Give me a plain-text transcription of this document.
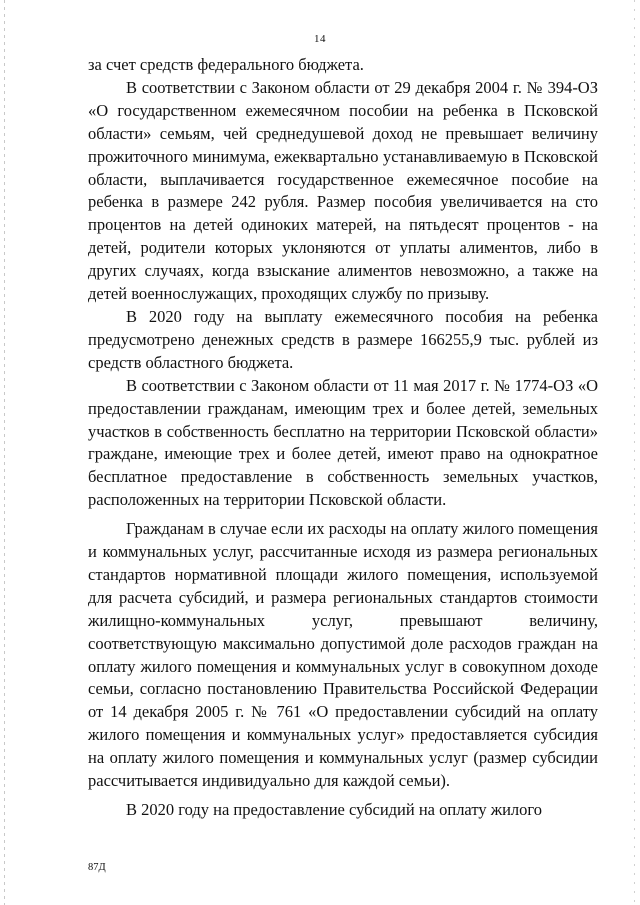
14

за счет средств федерального бюджета.

В соответствии с Законом области от 29 декабря 2004 г. № 394-ОЗ «О государственном ежемесячном пособии на ребенка в Псковской области» семьям, чей среднедушевой доход не превышает величину прожиточного минимума, ежеквартально устанавливаемую в Псковской области, выплачивается государственное ежемесячное пособие на ребенка в размере 242 рубля. Размер пособия увеличивается на сто процентов на детей одиноких матерей, на пятьдесят процентов - на детей, родители которых уклоняются от уплаты алиментов, либо в других случаях, когда взыскание алиментов невозможно, а также на детей военнослужащих, проходящих службу по призыву.

В 2020 году на выплату ежемесячного пособия на ребенка предусмотрено денежных средств в размере 166255,9 тыс. рублей из средств областного бюджета.

В соответствии с Законом области от 11 мая 2017 г. № 1774-ОЗ «О предоставлении гражданам, имеющим трех и более детей, земельных участков в собственность бесплатно на территории Псковской области» граждане, имеющие трех и более детей, имеют право на однократное бесплатное предоставление в собственность земельных участков, расположенных на территории Псковской области.

Гражданам в случае если их расходы на оплату жилого помещения и коммунальных услуг, рассчитанные исходя из размера региональных стандартов нормативной площади жилого помещения, используемой для расчета субсидий, и размера региональных стандартов стоимости жилищно-коммунальных услуг, превышают величину, соответствующую максимально допустимой доле расходов граждан на оплату жилого помещения и коммунальных услуг в совокупном доходе семьи, согласно постановлению Правительства Российской Федерации от 14 декабря 2005 г. № 761 «О предоставлении субсидий на оплату жилого помещения и коммунальных услуг» предоставляется субсидия на оплату жилого помещения и коммунальных услуг (размер субсидии рассчитывается индивидуально для каждой семьи).

В 2020 году на предоставление субсидий на оплату жилого

87Д
